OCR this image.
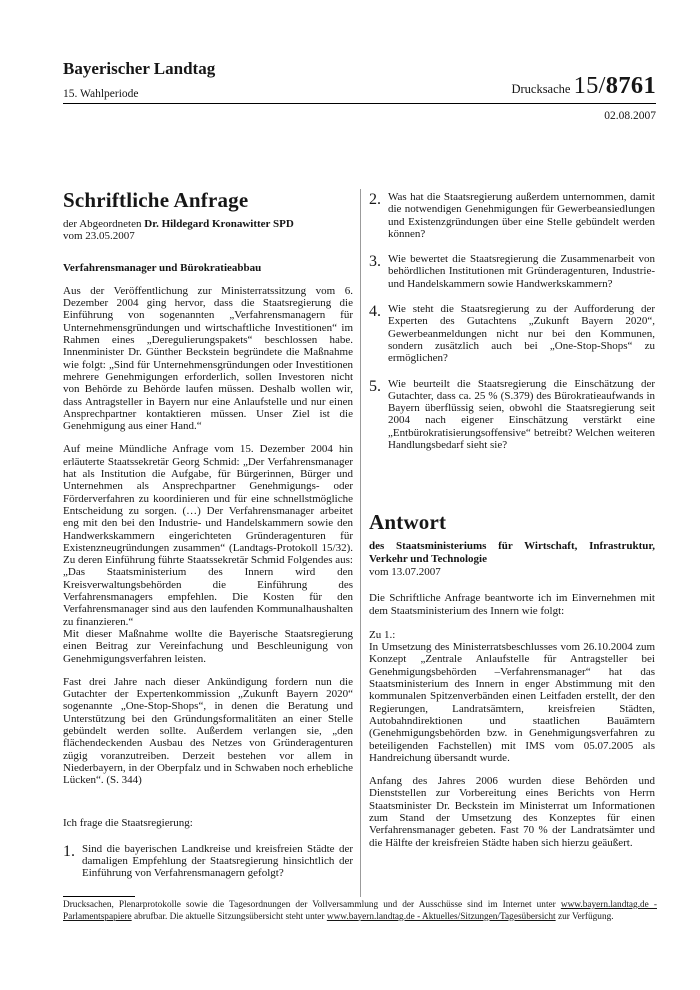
Bayerischer Landtag
15. Wahlperiode	Drucksache 15/8761
02.08.2007
Schriftliche Anfrage
der Abgeordneten Dr. Hildegard Kronawitter SPD
vom 23.05.2007
Verfahrensmanager und Bürokratieabbau

Aus der Veröffentlichung zur Ministerratssitzung vom 6. Dezember 2004 ging hervor, dass die Staatsregierung die Einführung von sogenannten „Verfahrensmanagern für Unternehmensgründungen und wirtschaftliche Investitionen“ im Rahmen eines „Deregulierungspakets“ beschlossen habe. Innenminister Dr. Günther Beckstein begründete die Maßnahme wie folgt: „Sind für Unternehmensgründungen oder Investitionen mehrere Genehmigungen erforderlich, sollen Investoren nicht von Behörde zu Behörde laufen müssen. Deshalb wollen wir, dass Antragsteller in Bayern nur eine Anlaufstelle und nur einen Ansprechpartner kontaktieren müssen. Unser Ziel ist die Genehmigung aus einer Hand.“

Auf meine Mündliche Anfrage vom 15. Dezember 2004 hin erläuterte Staatssekretär Georg Schmid: „Der Verfahrensmanager hat als Institution die Aufgabe, für Bürgerinnen, Bürger und Unternehmen als Ansprechpartner Genehmigungs- oder Förderverfahren zu koordinieren und für eine schnellstmögliche Entscheidung zu sorgen. (…) Der Verfahrensmanager arbeitet eng mit den bei den Industrie- und Handelskammern sowie den Handwerkskammern eingerichteten Gründeragenturen für Existenzneugründungen zusammen“ (Landtags-Protokoll 15/32). Zu deren Einführung führte Staatssekretär Schmid Folgendes aus: „Das Staatsministerium des Innern wird den Kreisverwaltungsbehörden die Einführung des Verfahrensmanagers empfehlen. Die Kosten für den Verfahrensmanager sind aus den laufenden Kommunalhaushalten zu finanzieren.“

Mit dieser Maßnahme wollte die Bayerische Staatsregierung einen Beitrag zur Vereinfachung und Beschleunigung von Genehmigungsverfahren leisten.

Fast drei Jahre nach dieser Ankündigung fordern nun die Gutachter der Expertenkommission „Zukunft Bayern 2020“ sogenannte „One-Stop-Shops“, in denen die Beratung und Unterstützung bei den Gründungsformalitäten an einer Stelle gebündelt werden sollte. Außerdem verlangen sie, „den flächendeckenden Ausbau des Netzes von Gründeragenturen zügig voranzutreiben. Derzeit bestehen vor allem in Niederbayern, in der Oberpfalz und in Schwaben noch erhebliche Lücken“. (S. 344)

Ich frage die Staatsregierung:
1. Sind die bayerischen Landkreise und kreisfreien Städte der damaligen Empfehlung der Staatsregierung hinsichtlich der Einführung von Verfahrensmanagern gefolgt?
2. Was hat die Staatsregierung außerdem unternommen, damit die notwendigen Genehmigungen für Gewerbeansiedlungen und Existenzgründungen über eine Stelle gebündelt werden können?
3. Wie bewertet die Staatsregierung die Zusammenarbeit von behördlichen Institutionen mit Gründeragenturen, Industrie- und Handelskammern sowie Handwerkskammern?
4. Wie steht die Staatsregierung zu der Aufforderung der Experten des Gutachtens „Zukunft Bayern 2020“, Gewerbeanmeldungen nicht nur bei den Kommunen, sondern zusätzlich auch bei „One-Stop-Shops“ zu ermöglichen?
5. Wie beurteilt die Staatsregierung die Einschätzung der Gutachter, dass ca. 25 % (S.379) des Bürokratieaufwands in Bayern überflüssig seien, obwohl die Staatsregierung seit 2004 nach eigener Einschätzung verstärkt eine „Entbürokratisierungsoffensive“ betreibt? Welchen weiteren Handlungsbedarf sieht sie?
Antwort
des Staatsministeriums für Wirtschaft, Infrastruktur, Verkehr und Technologie
vom 13.07.2007

Die Schriftliche Anfrage beantworte ich im Einvernehmen mit dem Staatsministerium des Innern wie folgt:

Zu 1.:

In Umsetzung des Ministerratsbeschlusses vom 26.10.2004 zum Konzept „Zentrale Anlaufstelle für Antragsteller bei Genehmigungsbehörden –Verfahrensmanager“ hat das Staatsministerium des Innern in enger Abstimmung mit den kommunalen Spitzenverbänden einen Leitfaden erstellt, der den Regierungen, Landratsämtern, kreisfreien Städten, Autobahndirektionen und staatlichen Bauämtern (Genehmigungsbehörden bzw. in Genehmigungsverfahren zu beteiligenden Fachstellen) mit IMS vom 05.07.2005 als Handreichung übersandt wurde.

Anfang des Jahres 2006 wurden diese Behörden und Dienststellen zur Vorbereitung eines Berichts von Herrn Staatsminister Dr. Beckstein im Ministerrat um Informationen zum Stand der Umsetzung des Konzeptes für einen Verfahrensmanager gebeten. Fast 70 % der Landratsämter und die Hälfte der kreisfreien Städte haben sich hierzu geäußert.

Drucksachen, Plenarprotokolle sowie die Tagesordnungen der Vollversammlung und der Ausschüsse sind im Internet unter www.bayern.landtag.de - Parlamentspapiere abrufbar. Die aktuelle Sitzungsübersicht steht unter www.bayern.landtag.de - Aktuelles/Sitzungen/Tagesübersicht zur Verfügung.
